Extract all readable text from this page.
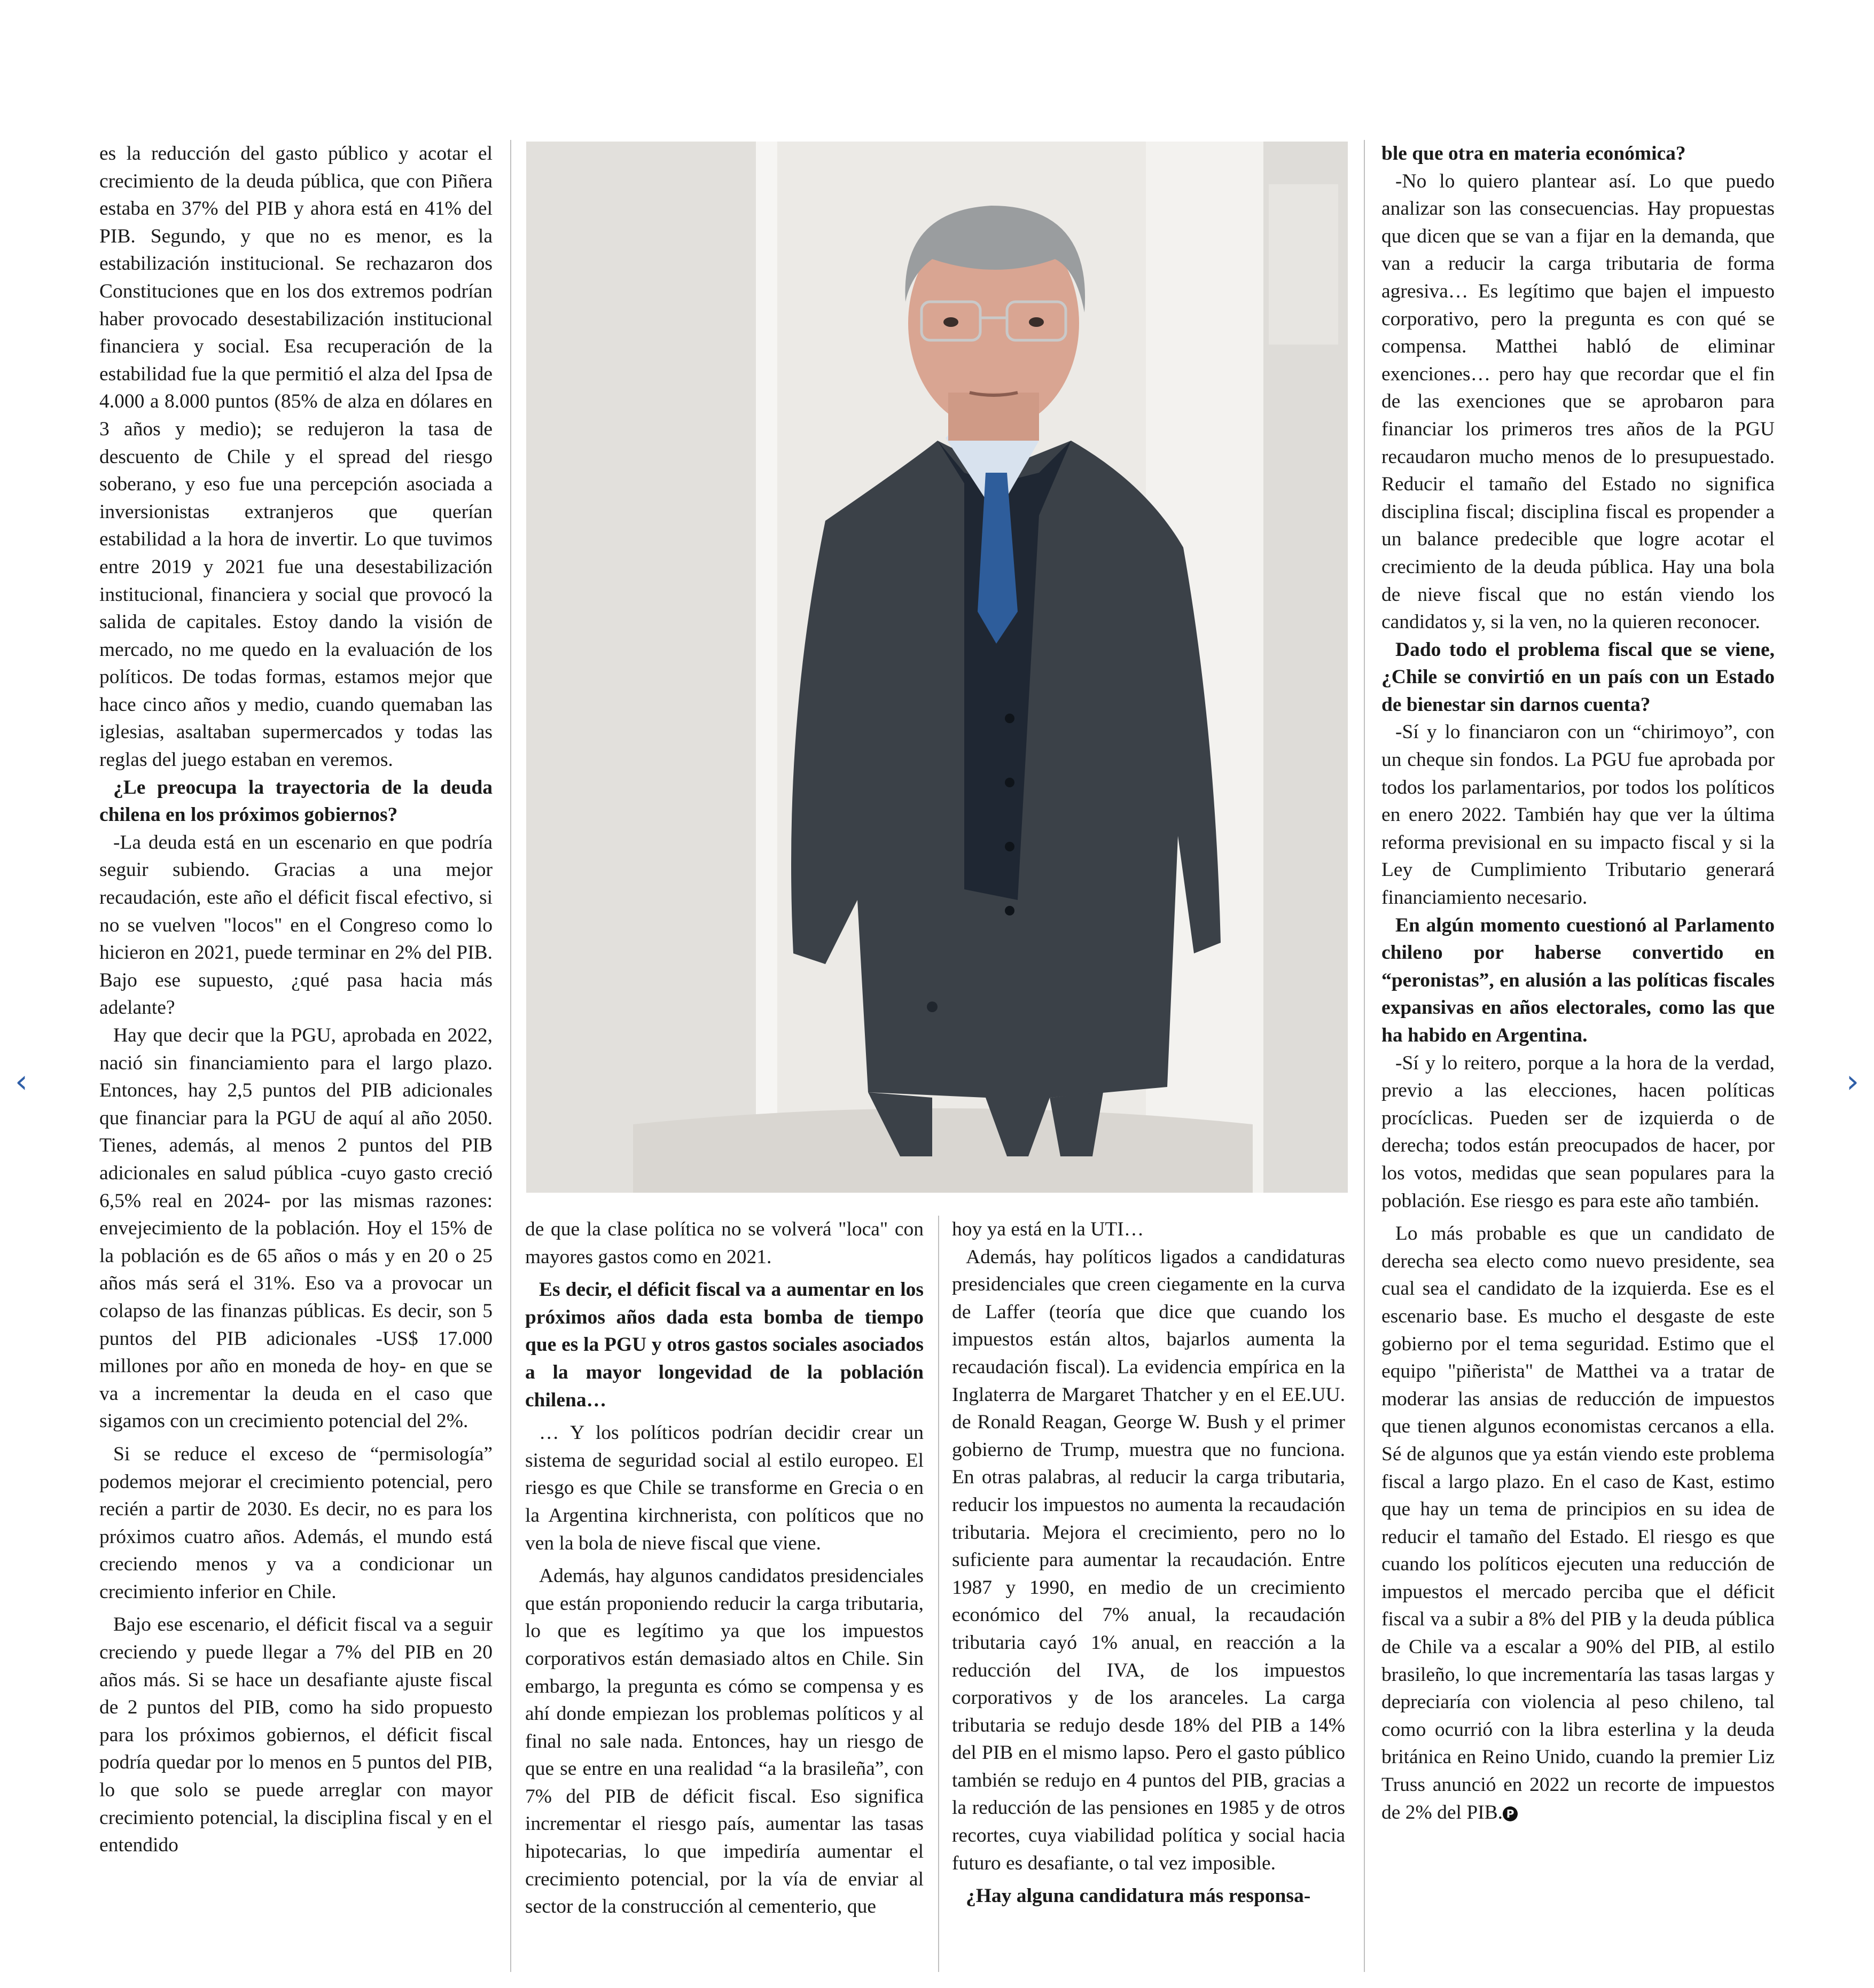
es la reducción del gasto público y acotar el crecimiento de la deuda pública, que con Piñera estaba en 37% del PIB y ahora está en 41% del PIB. Segundo, y que no es menor, es la estabilización institucional. Se rechazaron dos Constituciones que en los dos extremos podrían haber provocado desestabilización institucional financiera y social. Esa recuperación de la estabilidad fue la que permitió el alza del Ipsa de 4.000 a 8.000 puntos (85% de alza en dólares en 3 años y medio); se redujeron la tasa de descuento de Chile y el spread del riesgo soberano, y eso fue una percepción asociada a inversionistas extranjeros que querían estabilidad a la hora de invertir. Lo que tuvimos entre 2019 y 2021 fue una desestabilización institucional, financiera y social que provocó la salida de capitales. Estoy dando la visión de mercado, no me quedo en la evaluación de los políticos. De todas formas, estamos mejor que hace cinco años y medio, cuando quemaban las iglesias, asaltaban supermercados y todas las reglas del juego estaban en veremos.

¿Le preocupa la trayectoria de la deuda chilena en los próximos gobiernos?

-La deuda está en un escenario en que podría seguir subiendo. Gracias a una mejor recaudación, este año el déficit fiscal efectivo, si no se vuelven "locos" en el Congreso como lo hicieron en 2021, puede terminar en 2% del PIB. Bajo ese supuesto, ¿qué pasa hacia más adelante?

Hay que decir que la PGU, aprobada en 2022, nació sin financiamiento para el largo plazo. Entonces, hay 2,5 puntos del PIB adicionales que financiar para la PGU de aquí al año 2050. Tienes, además, al menos 2 puntos del PIB adicionales en salud pública -cuyo gasto creció 6,5% real en 2024- por las mismas razones: envejecimiento de la población. Hoy el 15% de la población es de 65 años o más y en 20 o 25 años más será el 31%. Eso va a provocar un colapso de las finanzas públicas. Es decir, son 5 puntos del PIB adicionales -US$ 17.000 millones por año en moneda de hoy- en que se va a incrementar la deuda en el caso que sigamos con un crecimiento potencial del 2%.

Si se reduce el exceso de “permisología” podemos mejorar el crecimiento potencial, pero recién a partir de 2030. Es decir, no es para los próximos cuatro años. Además, el mundo está creciendo menos y va a condicionar un crecimiento inferior en Chile.

Bajo ese escenario, el déficit fiscal va a seguir creciendo y puede llegar a 7% del PIB en 20 años más. Si se hace un desafiante ajuste fiscal de 2 puntos del PIB, como ha sido propuesto para los próximos gobiernos, el déficit fiscal podría quedar por lo menos en 5 puntos del PIB, lo que solo se puede arreglar con mayor crecimiento potencial, la disciplina fiscal y en el entendido

de que la clase política no se volverá "loca" con mayores gastos como en 2021.

Es decir, el déficit fiscal va a aumentar en los próximos años dada esta bomba de tiempo que es la PGU y otros gastos sociales asociados a la mayor longevidad de la población chilena…

… Y los políticos podrían decidir crear un sistema de seguridad social al estilo europeo. El riesgo es que Chile se transforme en Grecia o en la Argentina kirchnerista, con políticos que no ven la bola de nieve fiscal que viene.

Además, hay algunos candidatos presidenciales que están proponiendo reducir la carga tributaria, lo que es legítimo ya que los impuestos corporativos están demasiado altos en Chile. Sin embargo, la pregunta es cómo se compensa y es ahí donde empiezan los problemas políticos y al final no sale nada. Entonces, hay un riesgo de que se entre en una realidad “a la brasileña”, con 7% del PIB de déficit fiscal. Eso significa incrementar el riesgo país, aumentar las tasas hipotecarias, lo que impediría aumentar el crecimiento potencial, por la vía de enviar al sector de la construcción al cementerio, que

hoy ya está en la UTI…

Además, hay políticos ligados a candidaturas presidenciales que creen ciegamente en la curva de Laffer (teoría que dice que cuando los impuestos están altos, bajarlos aumenta la recaudación fiscal). La evidencia empírica en la Inglaterra de Margaret Thatcher y en el EE.UU. de Ronald Reagan, George W. Bush y el primer gobierno de Trump, muestra que no funciona. En otras palabras, al reducir la carga tributaria, reducir los impuestos no aumenta la recaudación tributaria. Mejora el crecimiento, pero no lo suficiente para aumentar la recaudación. Entre 1987 y 1990, en medio de un crecimiento económico del 7% anual, la recaudación tributaria cayó 1% anual, en reacción a la reducción del IVA, de los impuestos corporativos y de los aranceles. La carga tributaria se redujo desde 18% del PIB a 14% del PIB en el mismo lapso. Pero el gasto público también se redujo en 4 puntos del PIB, gracias a la reducción de las pensiones en 1985 y de otros recortes, cuya viabilidad política y social hacia futuro es desafiante, o tal vez imposible.

¿Hay alguna candidatura más responsa-

ble que otra en materia económica?

-No lo quiero plantear así. Lo que puedo analizar son las consecuencias. Hay propuestas que dicen que se van a fijar en la demanda, que van a reducir la carga tributaria de forma agresiva… Es legítimo que bajen el impuesto corporativo, pero la pregunta es con qué se compensa. Matthei habló de eliminar exenciones… pero hay que recordar que el fin de las exenciones que se aprobaron para financiar los primeros tres años de la PGU recaudaron mucho menos de lo presupuestado. Reducir el tamaño del Estado no significa disciplina fiscal; disciplina fiscal es propender a un balance predecible que logre acotar el crecimiento de la deuda pública. Hay una bola de nieve fiscal que no están viendo los candidatos y, si la ven, no la quieren reconocer.

Dado todo el problema fiscal que se viene, ¿Chile se convirtió en un país con un Estado de bienestar sin darnos cuenta?

-Sí y lo financiaron con un “chirimoyo”, con un cheque sin fondos. La PGU fue aprobada por todos los parlamentarios, por todos los políticos en enero 2022. También hay que ver la última reforma previsional en su impacto fiscal y si la Ley de Cumplimiento Tributario generará financiamiento necesario.

En algún momento cuestionó al Parlamento chileno por haberse convertido en “peronistas”, en alusión a las políticas fiscales expansivas en años electorales, como las que ha habido en Argentina.

-Sí y lo reitero, porque a la hora de la verdad, previo a las elecciones, hacen políticas procíclicas. Pueden ser de izquierda o de derecha; todos están preocupados de hacer, por los votos, medidas que sean populares para la población. Ese riesgo es para este año también.

Lo más probable es que un candidato de derecha sea electo como nuevo presidente, sea cual sea el candidato de la izquierda. Ese es el escenario base. Es mucho el desgaste de este gobierno por el tema seguridad. Estimo que el equipo "piñerista" de Matthei va a tratar de moderar las ansias de reducción de impuestos que tienen algunos economistas cercanos a ella. Sé de algunos que ya están viendo este problema fiscal a largo plazo. En el caso de Kast, estimo que hay un tema de principios en su idea de reducir el tamaño del Estado. El riesgo es que cuando los políticos ejecuten una reducción de impuestos el mercado perciba que el déficit fiscal va a subir a 8% del PIB y la deuda pública de Chile va a escalar a 90% del PIB, al estilo brasileño, lo que incrementaría las tasas largas y depreciaría con violencia al peso chileno, tal como ocurrió con la libra esterlina y la deuda británica en Reino Unido, cuando la premier Liz Truss anunció en 2022 un recorte de impuestos de 2% del PIB. P

‹	›
